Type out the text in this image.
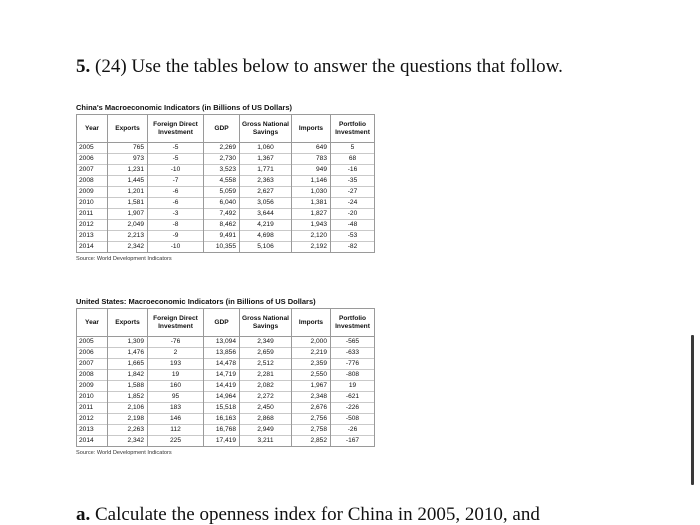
5. (24) Use the tables below to answer the questions that follow.
China's Macroeconomic Indicators (in Billions of US Dollars)
Year	Exports	Foreign Direct Investment	GDP	Gross National Savings	Imports	Portfolio Investment
2005	765	-5	2,269	1,060	649	5
2006	973	-5	2,730	1,367	783	68
2007	1,231	-10	3,523	1,771	949	-16
2008	1,445	-7	4,558	2,363	1,146	-35
2009	1,201	-6	5,059	2,627	1,030	-27
2010	1,581	-6	6,040	3,056	1,381	-24
2011	1,907	-3	7,492	3,644	1,827	-20
2012	2,049	-8	8,462	4,219	1,943	-48
2013	2,213	-9	9,491	4,698	2,120	-53
2014	2,342	-10	10,355	5,106	2,192	-82
Source: World Development Indicators
United States: Macroeconomic Indicators (in Billions of US Dollars)
Year	Exports	Foreign Direct Investment	GDP	Gross National Savings	Imports	Portfolio Investment
2005	1,309	-76	13,094	2,349	2,000	-565
2006	1,476	2	13,856	2,659	2,219	-633
2007	1,665	193	14,478	2,512	2,359	-776
2008	1,842	19	14,719	2,281	2,550	-808
2009	1,588	160	14,419	2,082	1,967	19
2010	1,852	95	14,964	2,272	2,348	-621
2011	2,106	183	15,518	2,450	2,676	-226
2012	2,198	146	16,163	2,868	2,756	-508
2013	2,263	112	16,768	2,949	2,758	-26
2014	2,342	225	17,419	3,211	2,852	-167
Source: World Development Indicators
a. Calculate the openness index for China in 2005, 2010, and
